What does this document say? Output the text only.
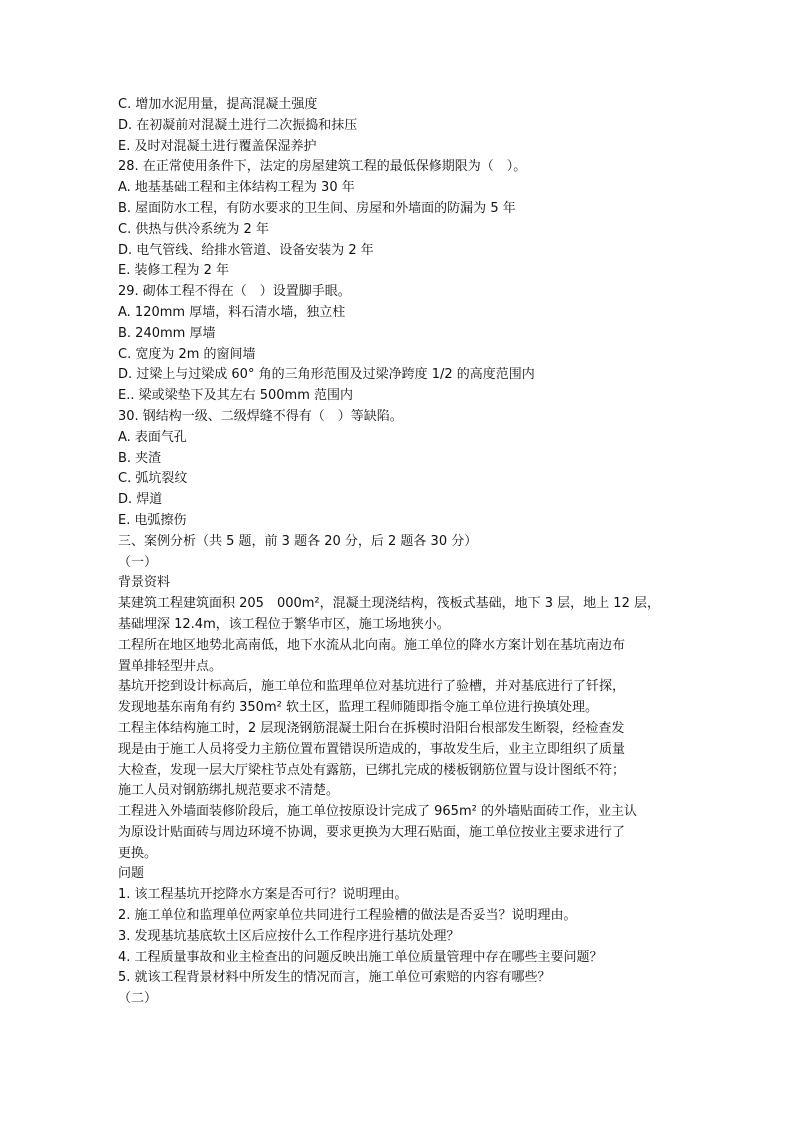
C. 增加水泥用量，提高混凝土强度
D. 在初凝前对混凝土进行二次振捣和抹压
E. 及时对混凝土进行覆盖保湿养护
28. 在正常使用条件下，法定的房屋建筑工程的最低保修期限为（　）。
A. 地基基础工程和主体结构工程为 30 年
B. 屋面防水工程，有防水要求的卫生间、房屋和外墙面的防漏为 5 年
C. 供热与供冷系统为 2 年
D. 电气管线、给排水管道、设备安装为 2 年
E. 装修工程为 2 年
29. 砌体工程不得在（　）设置脚手眼。
A. 120mm 厚墙，料石清水墙，独立柱
B. 240mm 厚墙
C. 宽度为 2m 的窗间墙
D. 过梁上与过梁成 60° 角的三角形范围及过梁净跨度 1/2 的高度范围内
E.. 梁或梁垫下及其左右 500mm 范围内
30. 钢结构一级、二级焊缝不得有（　）等缺陷。
A. 表面气孔
B. 夹渣
C. 弧坑裂纹
D. 焊道
E. 电弧擦伤
三、案例分析（共 5 题，前 3 题各 20 分，后 2 题各 30 分）
（一）
背景资料
某建筑工程建筑面积 205　000m²，混凝土现浇结构，筏板式基础，地下 3 层，地上 12 层，
基础埋深 12.4m，该工程位于繁华市区，施工场地狭小。
工程所在地区地势北高南低，地下水流从北向南。施工单位的降水方案计划在基坑南边布
置单排轻型井点。
基坑开挖到设计标高后，施工单位和监理单位对基坑进行了验槽，并对基底进行了钎探，
发现地基东南角有约 350m² 软土区，监理工程师随即指令施工单位进行换填处理。
工程主体结构施工时，2 层现浇钢筋混凝土阳台在拆模时沿阳台根部发生断裂，经检查发
现是由于施工人员将受力主筋位置布置错误所造成的，事故发生后，业主立即组织了质量
大检查，发现一层大厅梁柱节点处有露筋，已绑扎完成的楼板钢筋位置与设计图纸不符；
施工人员对钢筋绑扎规范要求不清楚。
工程进入外墙面装修阶段后，施工单位按原设计完成了 965m² 的外墙贴面砖工作，业主认
为原设计贴面砖与周边环境不协调，要求更换为大理石贴面，施工单位按业主要求进行了
更换。
问题
1. 该工程基坑开挖降水方案是否可行？说明理由。
2. 施工单位和监理单位两家单位共同进行工程验槽的做法是否妥当？说明理由。
3. 发现基坑基底软土区后应按什么工作程序进行基坑处理？
4. 工程质量事故和业主检查出的问题反映出施工单位质量管理中存在哪些主要问题？
5. 就该工程背景材料中所发生的情况而言，施工单位可索赔的内容有哪些？
（二）
